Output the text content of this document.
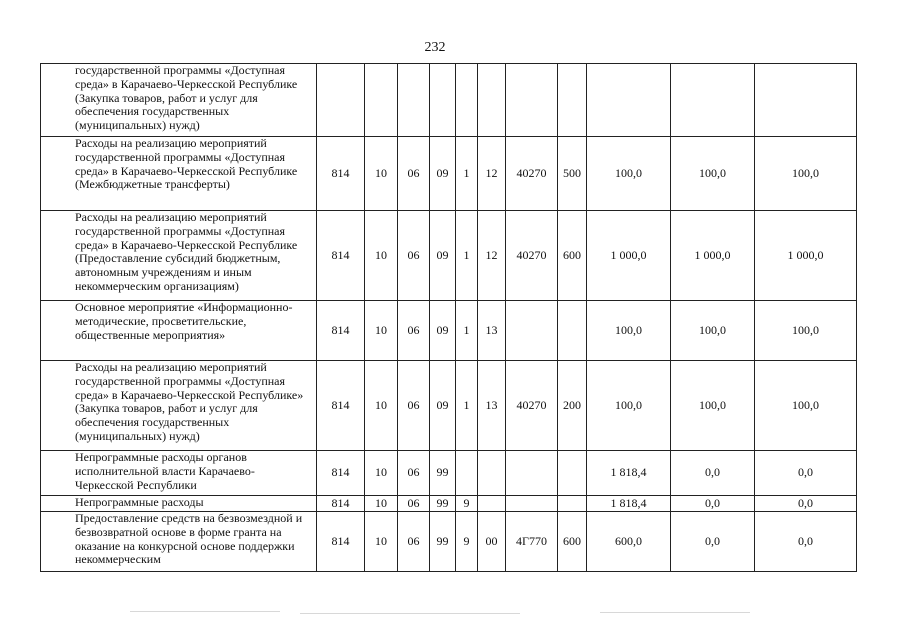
232
государственной программы «Доступная среда» в Карачаево-Черкесской Республике (Закупка товаров, работ и услуг для обеспечения государственных (муниципальных) нужд)											
Расходы на реализацию мероприятий государственной программы «Доступная среда» в Карачаево-Черкесской Республике (Межбюджетные трансферты)	814	10	06	09	1	12	40270	500	100,0	100,0	100,0
Расходы на реализацию мероприятий государственной программы «Доступная среда» в Карачаево-Черкесской Республике (Предоставление субсидий бюджетным, автономным учреждениям и иным некоммерческим организациям)	814	10	06	09	1	12	40270	600	1 000,0	1 000,0	1 000,0
Основное мероприятие «Информационно-методические, просветительские, общественные мероприятия»	814	10	06	09	1	13			100,0	100,0	100,0
Расходы на реализацию мероприятий государственной программы «Доступная среда» в Карачаево-Черкесской Республике» (Закупка товаров, работ и услуг для обеспечения государственных (муниципальных) нужд)	814	10	06	09	1	13	40270	200	100,0	100,0	100,0
Непрограммные расходы органов исполнительной власти Карачаево-Черкесской Республики	814	10	06	99					1 818,4	0,0	0,0
Непрограммные расходы	814	10	06	99	9				1 818,4	0,0	0,0
Предоставление средств на безвозмездной и безвозвратной основе в форме гранта на оказание на конкурсной основе поддержки некоммерческим	814	10	06	99	9	00	4Г770	600	600,0	0,0	0,0
